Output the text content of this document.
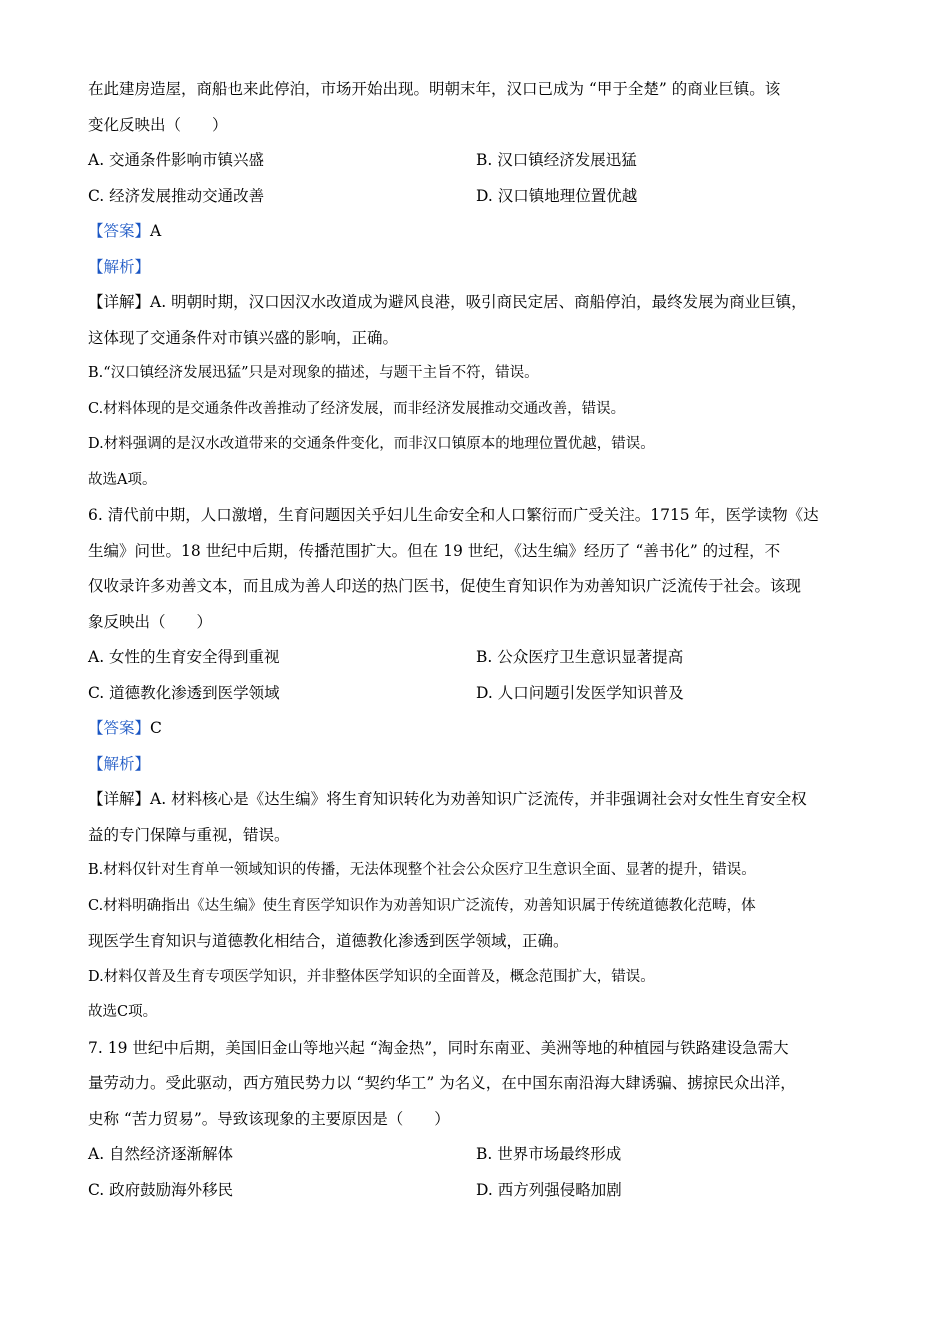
在此建房造屋，商船也来此停泊，市场开始出现。明朝末年，汉口已成为 “甲于全楚” 的商业巨镇。该
变化反映出（　　）
A. 交通条件影响市镇兴盛	B. 汉口镇经济发展迅猛
C. 经济发展推动交通改善	D. 汉口镇地理位置优越
【答案】A
【解析】
【详解】A. 明朝时期，汉口因汉水改道成为避风良港，吸引商民定居、商船停泊，最终发展为商业巨镇，
这体现了交通条件对市镇兴盛的影响，正确。
B.“汉口镇经济发展迅猛”只是对现象的描述，与题干主旨不符，错误。
C.材料体现的是交通条件改善推动了经济发展，而非经济发展推动交通改善，错误。
D.材料强调的是汉水改道带来的交通条件变化，而非汉口镇原本的地理位置优越，错误。
故选A项。
6. 清代前中期，人口激增，生育问题因关乎妇儿生命安全和人口繁衍而广受关注。1715 年，医学读物《达
生编》问世。18 世纪中后期，传播范围扩大。但在 19 世纪，《达生编》经历了 “善书化” 的过程，不
仅收录许多劝善文本，而且成为善人印送的热门医书，促使生育知识作为劝善知识广泛流传于社会。该现
象反映出（　　）
A. 女性的生育安全得到重视	B. 公众医疗卫生意识显著提高
C. 道德教化渗透到医学领域	D. 人口问题引发医学知识普及
【答案】C
【解析】
【详解】A. 材料核心是《达生编》将生育知识转化为劝善知识广泛流传，并非强调社会对女性生育安全权
益的专门保障与重视，错误。
B.材料仅针对生育单一领域知识的传播，无法体现整个社会公众医疗卫生意识全面、显著的提升，错误。
C.材料明确指出《达生编》使生育医学知识作为劝善知识广泛流传，劝善知识属于传统道德教化范畴，体
现医学生育知识与道德教化相结合，道德教化渗透到医学领域，正确。
D.材料仅普及生育专项医学知识，并非整体医学知识的全面普及，概念范围扩大，错误。
故选C项。
7. 19 世纪中后期，美国旧金山等地兴起 “淘金热”，同时东南亚、美洲等地的种植园与铁路建设急需大
量劳动力。受此驱动，西方殖民势力以 “契约华工” 为名义，在中国东南沿海大肆诱骗、掳掠民众出洋，
史称 “苦力贸易”。导致该现象的主要原因是（　　）
A. 自然经济逐渐解体	B. 世界市场最终形成
C. 政府鼓励海外移民	D. 西方列强侵略加剧
